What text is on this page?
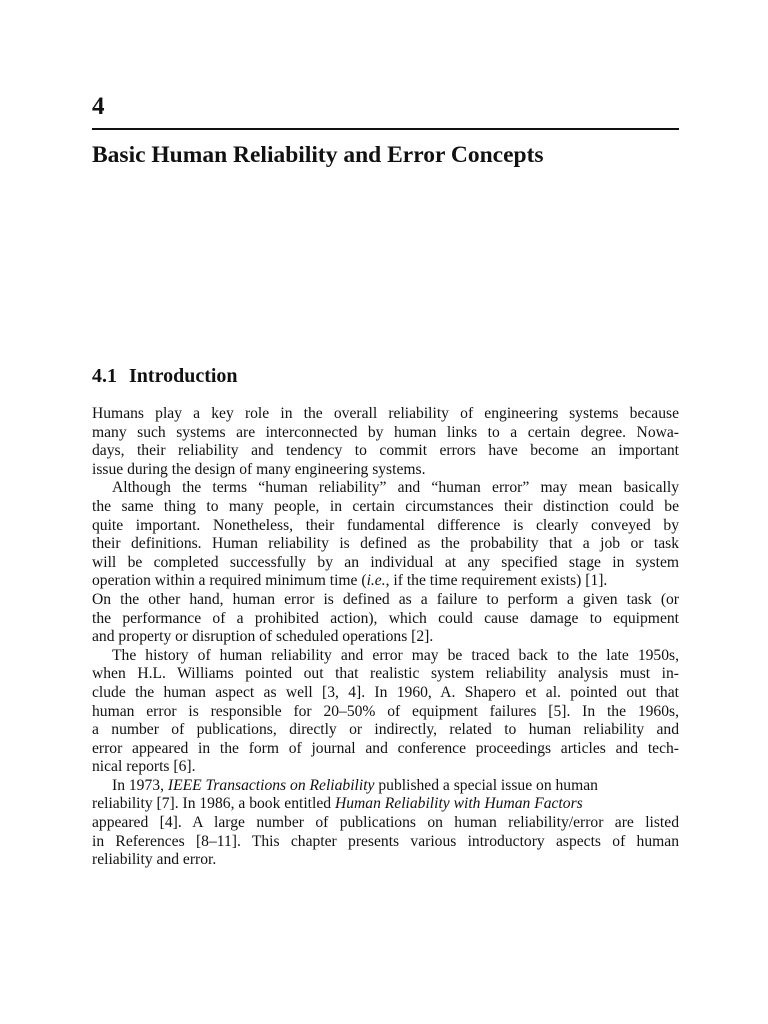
4
Basic Human Reliability and Error Concepts
4.1 Introduction
Humans play a key role in the overall reliability of engineering systems because
many such systems are interconnected by human links to a certain degree. Nowa-
days, their reliability and tendency to commit errors have become an important
issue during the design of many engineering systems.
Although the terms “human reliability” and “human error” may mean basically
the same thing to many people, in certain circumstances their distinction could be
quite important. Nonetheless, their fundamental difference is clearly conveyed by
their definitions. Human reliability is defined as the probability that a job or task
will be completed successfully by an individual at any specified stage in system
operation within a required minimum time (i.e., if the time requirement exists) [1].
On the other hand, human error is defined as a failure to perform a given task (or
the performance of a prohibited action), which could cause damage to equipment
and property or disruption of scheduled operations [2].
The history of human reliability and error may be traced back to the late 1950s,
when H.L. Williams pointed out that realistic system reliability analysis must in-
clude the human aspect as well [3, 4]. In 1960, A. Shapero et al. pointed out that
human error is responsible for 20–50% of equipment failures [5]. In the 1960s,
a number of publications, directly or indirectly, related to human reliability and
error appeared in the form of journal and conference proceedings articles and tech-
nical reports [6].
In 1973, IEEE Transactions on Reliability published a special issue on human
reliability [7]. In 1986, a book entitled Human Reliability with Human Factors
appeared [4]. A large number of publications on human reliability/error are listed
in References [8–11]. This chapter presents various introductory aspects of human
reliability and error.
